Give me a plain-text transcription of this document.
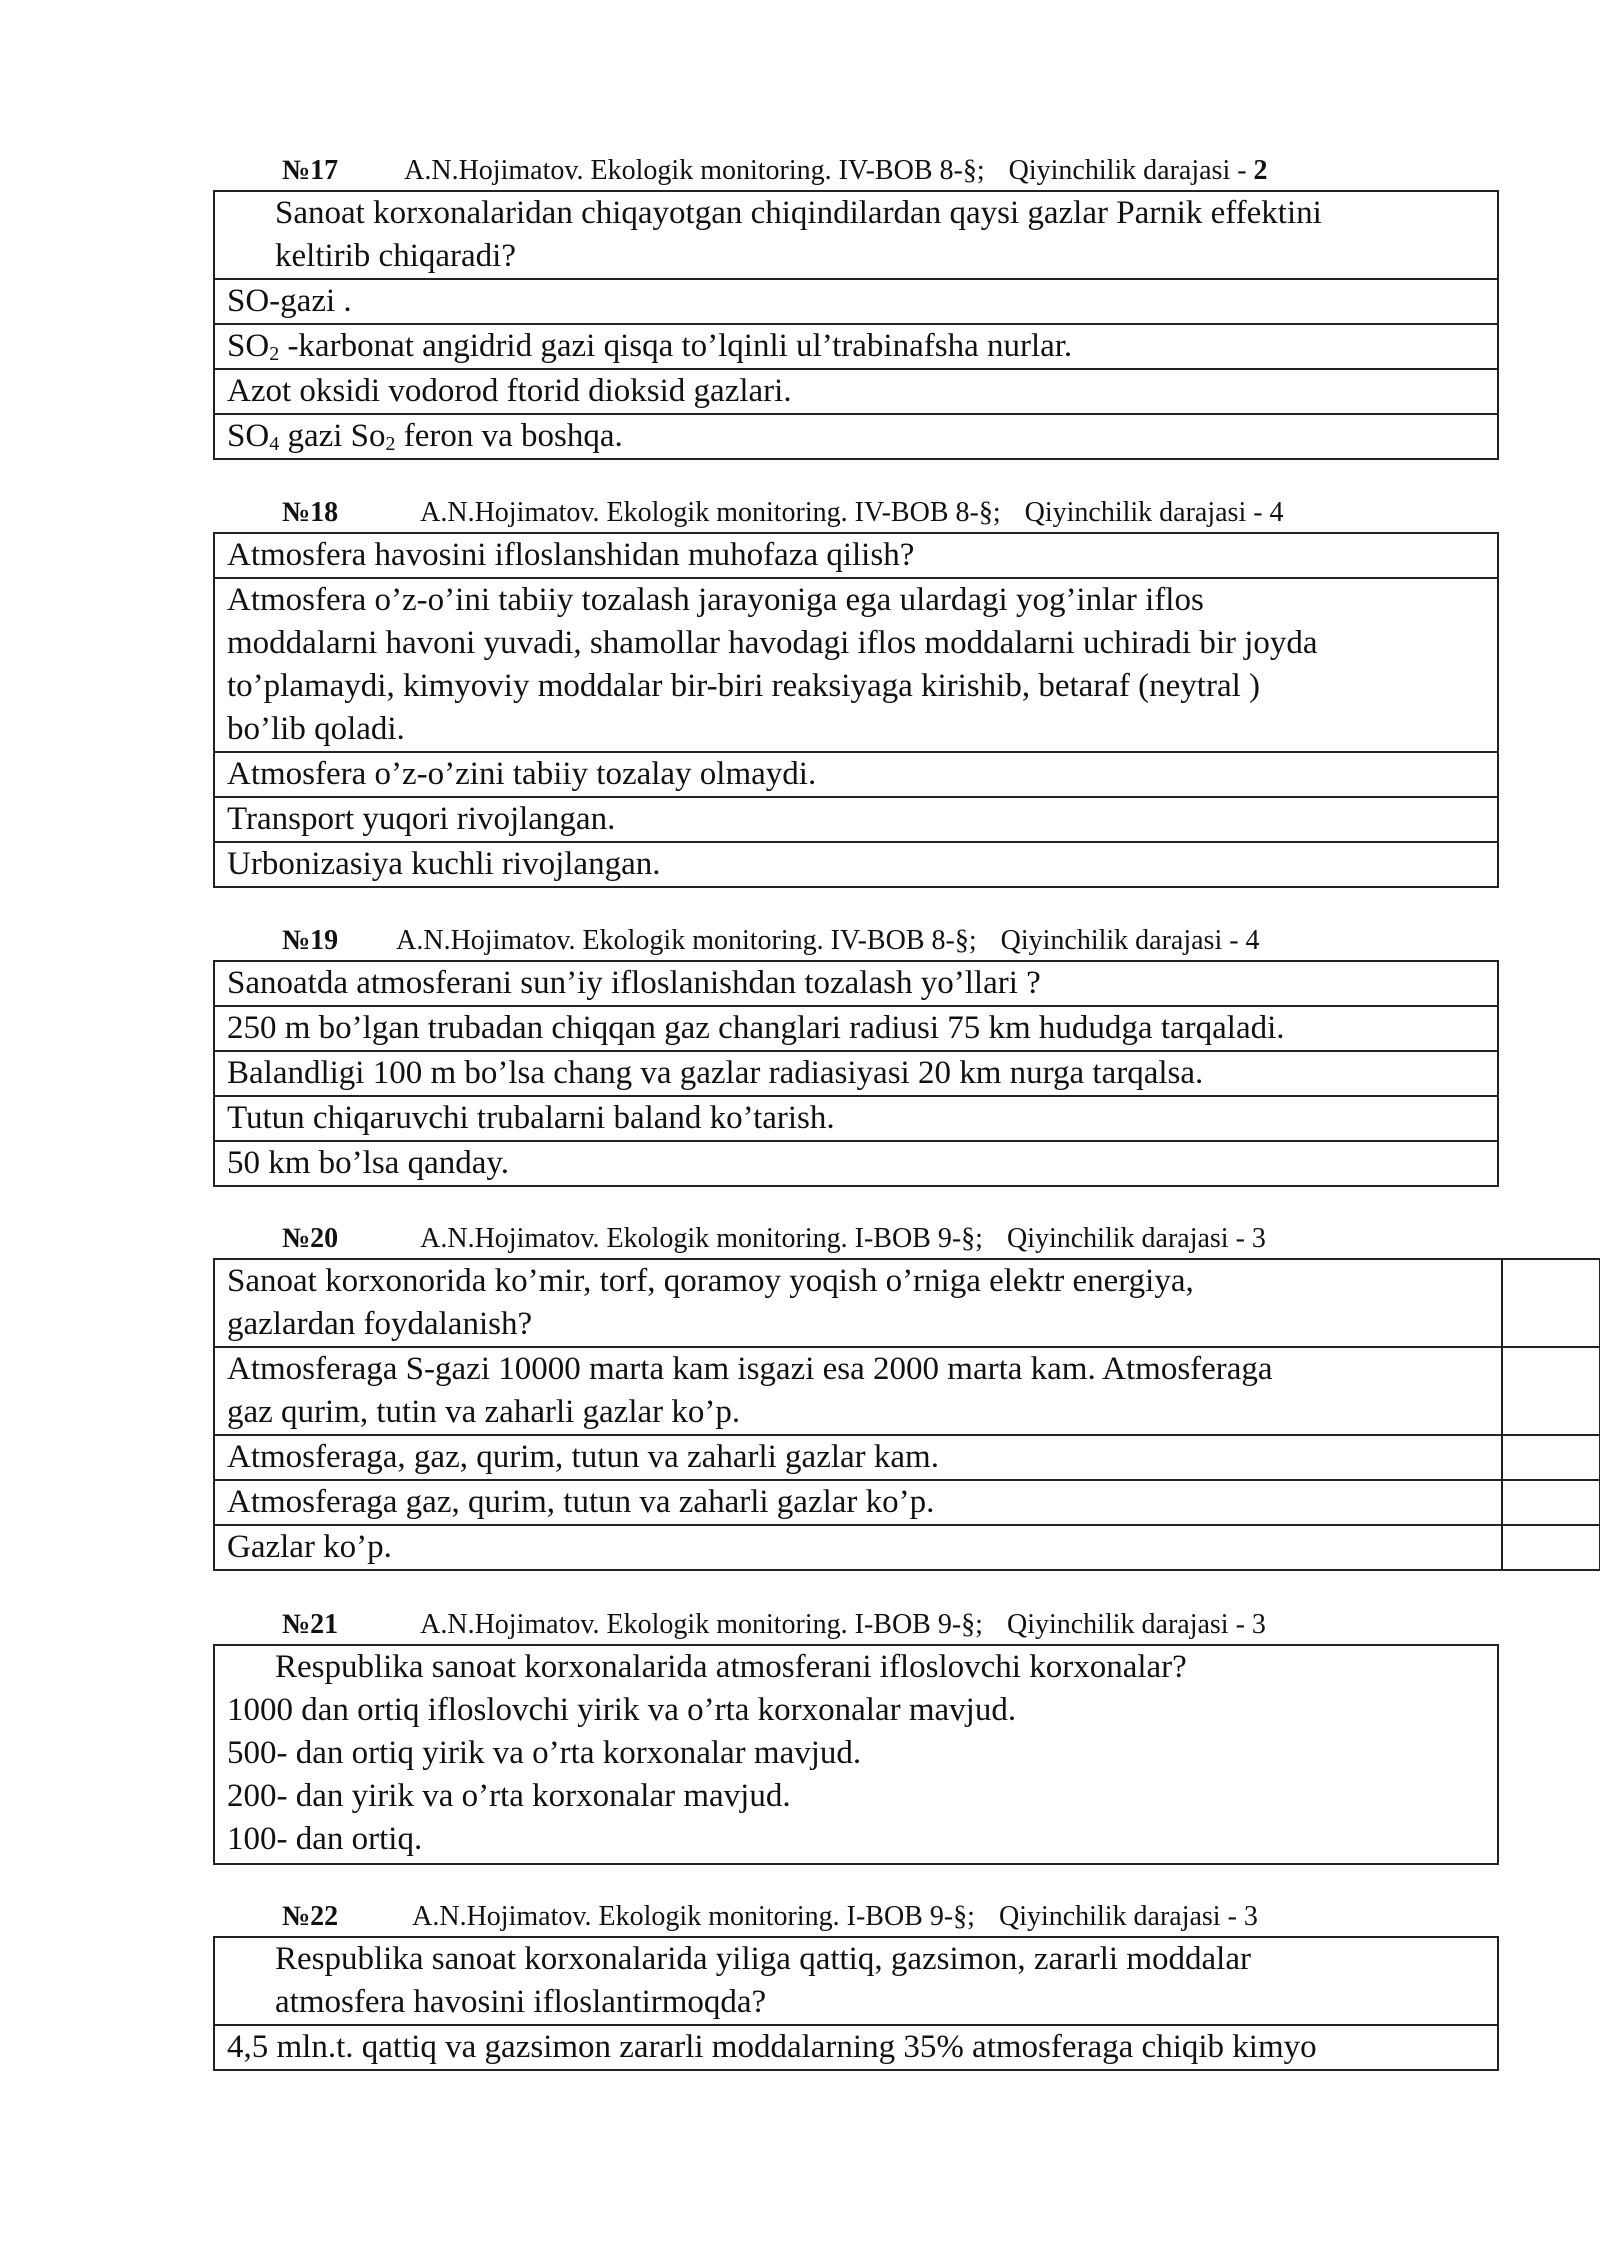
№17 A.N.Hojimatov. Ekologik monitoring. IV-BOB 8-§; Qiyinchilik darajasi - 2
Sanoat korxonalaridan chiqayotgan chiqindilardan qaysi gazlar Parnik effektini
keltirib chiqaradi?

SO-gazi .
$SO_2$ -karbonat angidrid gazi qisqa to’lqinli ul’trabinafsha nurlar.
Azot oksidi vodorod ftorid dioksid gazlari.
$SO_4$ gazi $So_2$ feron va boshqa.
№18	A.N.Hojimatov. Ekologik monitoring. IV-BOB 8-§; Qiyinchilik darajasi - 4
Atmosfera havosini ifloslanshidan muhofaza qilish?

Atmosfera o’z-o’ini tabiiy tozalash jarayoniga ega ulardagi yog’inlar iflos
moddalarni havoni yuvadi, shamollar havodagi iflos moddalarni uchiradi bir joyda
to’plamaydi, kimyoviy moddalar bir-biri reaksiyaga kirishib, betaraf (neytral )
bo’lib qoladi.

Atmosfera o’z-o’zini tabiiy tozalay olmaydi.
Transport yuqori rivojlangan.
Urbonizasiya kuchli rivojlangan.
№19 A.N.Hojimatov. Ekologik monitoring. IV-BOB 8-§; Qiyinchilik darajasi - 4
Sanoatda atmosferani sun’iy ifloslanishdan tozalash yo’llari ?
250 m bo’lgan trubadan chiqqan gaz changlari radiusi 75 km hududga tarqaladi.
Balandligi 100 m bo’lsa chang va gazlar radiasiyasi 20 km nurga tarqalsa.
Tutun chiqaruvchi trubalarni baland ko’tarish.
50 km bo’lsa qanday.
№20	A.N.Hojimatov. Ekologik monitoring. I-BOB 9-§; Qiyinchilik darajasi - 3
Sanoat korxonorida ko’mir, torf, qoramoy yoqish o’rniga elektr energiya,
gazlardan foydalanish?	

Atmosferaga S-gazi 10000 marta kam isgazi esa 2000 marta kam. Atmosferaga
gaz qurim, tutin va zaharli gazlar ko’p.	

Atmosferaga, gaz, qurim, tutun va zaharli gazlar kam.	
Atmosferaga gaz, qurim, tutun va zaharli gazlar ko’p.	
Gazlar ko’p.	
№21	A.N.Hojimatov. Ekologik monitoring. I-BOB 9-§; Qiyinchilik darajasi - 3
Respublika sanoat korxonalarida atmosferani ifloslovchi korxonalar?
1000 dan ortiq ifloslovchi yirik va o’rta korxonalar mavjud.
500- dan ortiq yirik va o’rta korxonalar mavjud.
200- dan yirik va o’rta korxonalar mavjud.
100- dan ortiq.
№22	A.N.Hojimatov. Ekologik monitoring. I-BOB 9-§; Qiyinchilik darajasi - 3
Respublika sanoat korxonalarida yiliga qattiq, gazsimon, zararli moddalar
atmosfera havosini ifloslantirmoqda?

4,5 mln.t. qattiq va gazsimon zararli moddalarning 35% atmosferaga chiqib kimyo
